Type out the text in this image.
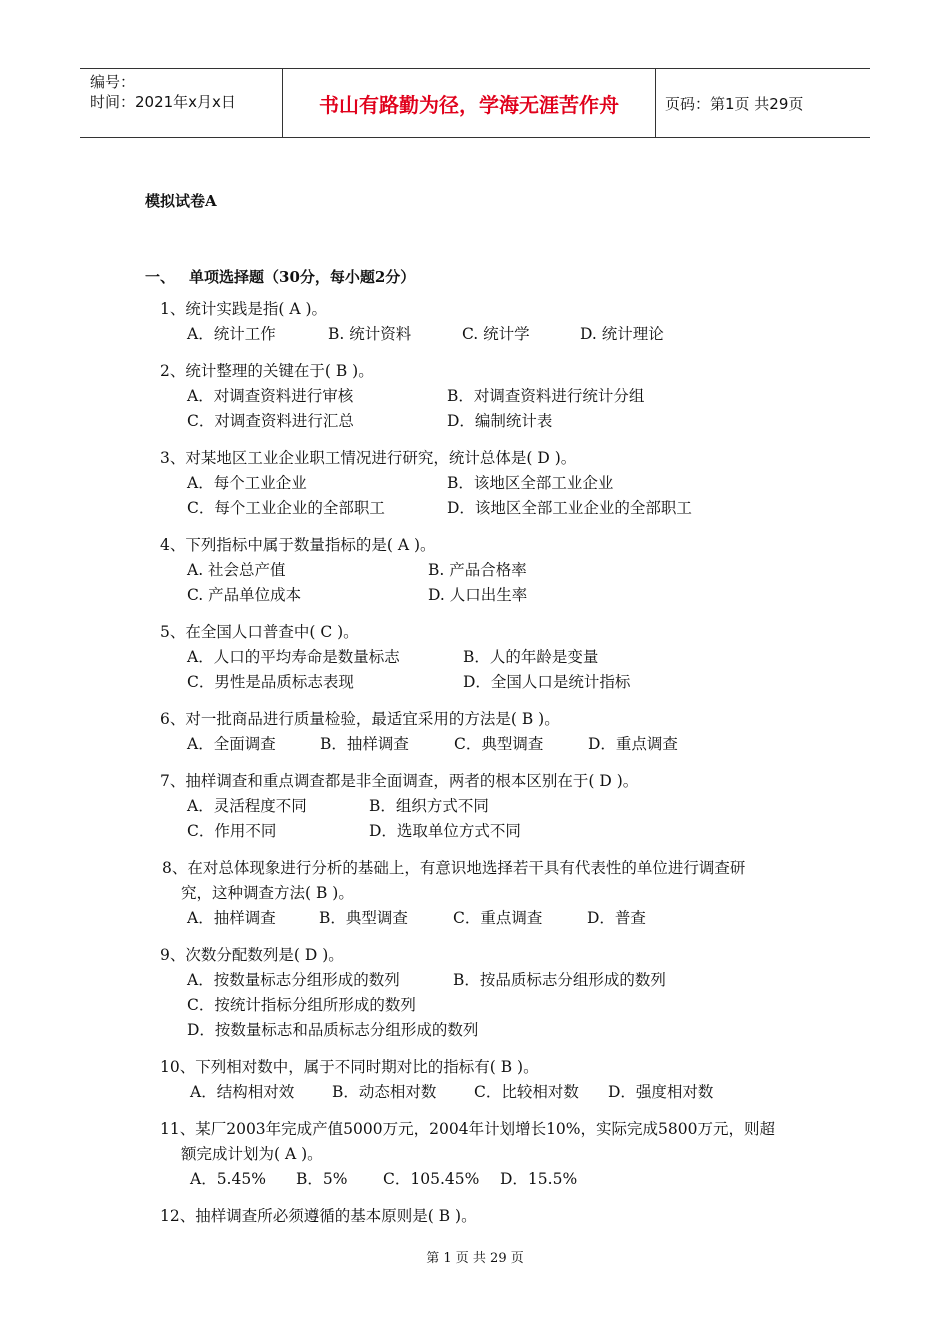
编号：
时间：2021年x月x日	书山有路勤为径，学海无涯苦作舟	页码：第1页 共29页
模拟试卷A
一、 单项选择题（30分，每小题2分）
1、统计实践是指( A )。
A．统计工作	B. 统计资料	C. 统计学	D. 统计理论
2、统计整理的关键在于( B )。
A．对调查资料进行审核	B．对调查资料进行统计分组
C．对调查资料进行汇总	D．编制统计表
3、对某地区工业企业职工情况进行研究，统计总体是( D )。
A．每个工业企业	B．该地区全部工业企业
C．每个工业企业的全部职工	D．该地区全部工业企业的全部职工
4、下列指标中属于数量指标的是( A )。
A. 社会总产值	B. 产品合格率
C. 产品单位成本	D. 人口出生率
5、在全国人口普查中( C )。
A．人口的平均寿命是数量标志	B．人的年龄是变量
C．男性是品质标志表现	D．全国人口是统计指标
6、对一批商品进行质量检验，最适宜采用的方法是( B )。
A．全面调查	B．抽样调查	C．典型调查	D．重点调查
7、抽样调查和重点调查都是非全面调查，两者的根本区别在于( D )。
A．灵活程度不同	B．组织方式不同
C．作用不同	D．选取单位方式不同
8、在对总体现象进行分析的基础上，有意识地选择若干具有代表性的单位进行调查研
究，这种调查方法( B )。
A．抽样调查	B．典型调查	C．重点调查	D．普查
9、次数分配数列是( D )。
A．按数量标志分组形成的数列	B．按品质标志分组形成的数列
C．按统计指标分组所形成的数列
D．按数量标志和品质标志分组形成的数列
10、下列相对数中，属于不同时期对比的指标有( B )。
A．结构相对效 B．动态相对数 C．比较相对数 D．强度相对数
11、某厂2003年完成产值5000万元，2004年计划增长10%，实际完成5800万元，则超
额完成计划为( A )。
A．5.45% B．5% C．105.45% D．15.5%
12、抽样调查所必须遵循的基本原则是( B )。
第 1 页 共 29 页
